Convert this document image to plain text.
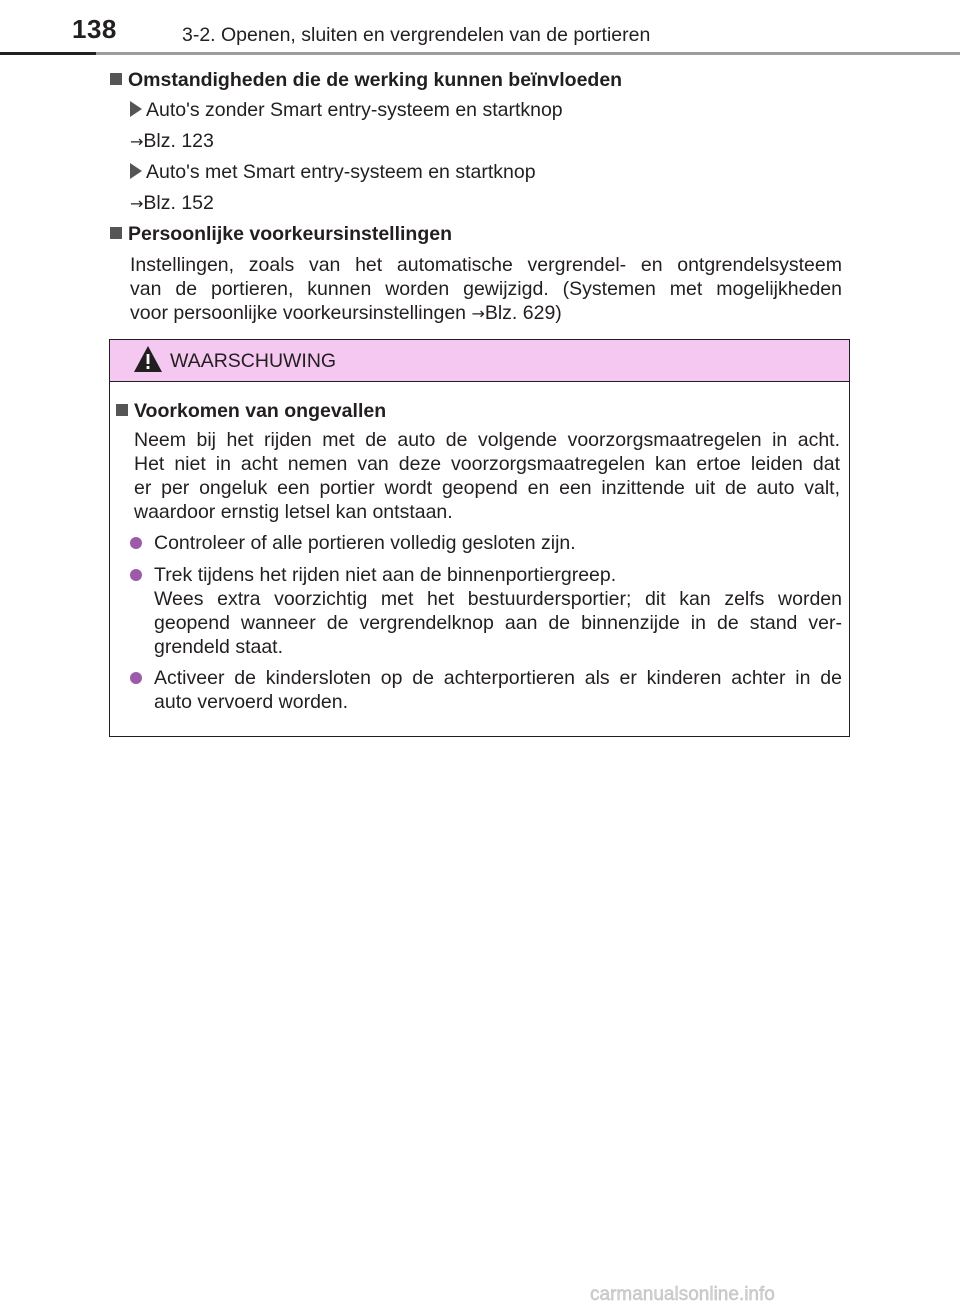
138	3-2. Openen, sluiten en vergrendelen van de portieren
Omstandigheden die de werking kunnen beïnvloeden
Auto's zonder Smart entry-systeem en startknop
→Blz. 123
Auto's met Smart entry-systeem en startknop
→Blz. 152
Persoonlijke voorkeursinstellingen
Instellingen, zoals van het automatische vergrendel- en ontgrendelsysteem
van de portieren, kunnen worden gewijzigd. (Systemen met mogelijkheden
voor persoonlijke voorkeursinstellingen →Blz. 629)
WAARSCHUWING
Voorkomen van ongevallen
Neem bij het rijden met de auto de volgende voorzorgsmaatregelen in acht.
Het niet in acht nemen van deze voorzorgsmaatregelen kan ertoe leiden dat
er per ongeluk een portier wordt geopend en een inzittende uit de auto valt,
waardoor ernstig letsel kan ontstaan.
Controleer of alle portieren volledig gesloten zijn.
Trek tijdens het rijden niet aan de binnenportiergreep.
Wees extra voorzichtig met het bestuurdersportier; dit kan zelfs worden
geopend wanneer de vergrendelknop aan de binnenzijde in de stand ver-
grendeld staat.
Activeer de kindersloten op de achterportieren als er kinderen achter in de
auto vervoerd worden.
carmanualsonline.info
